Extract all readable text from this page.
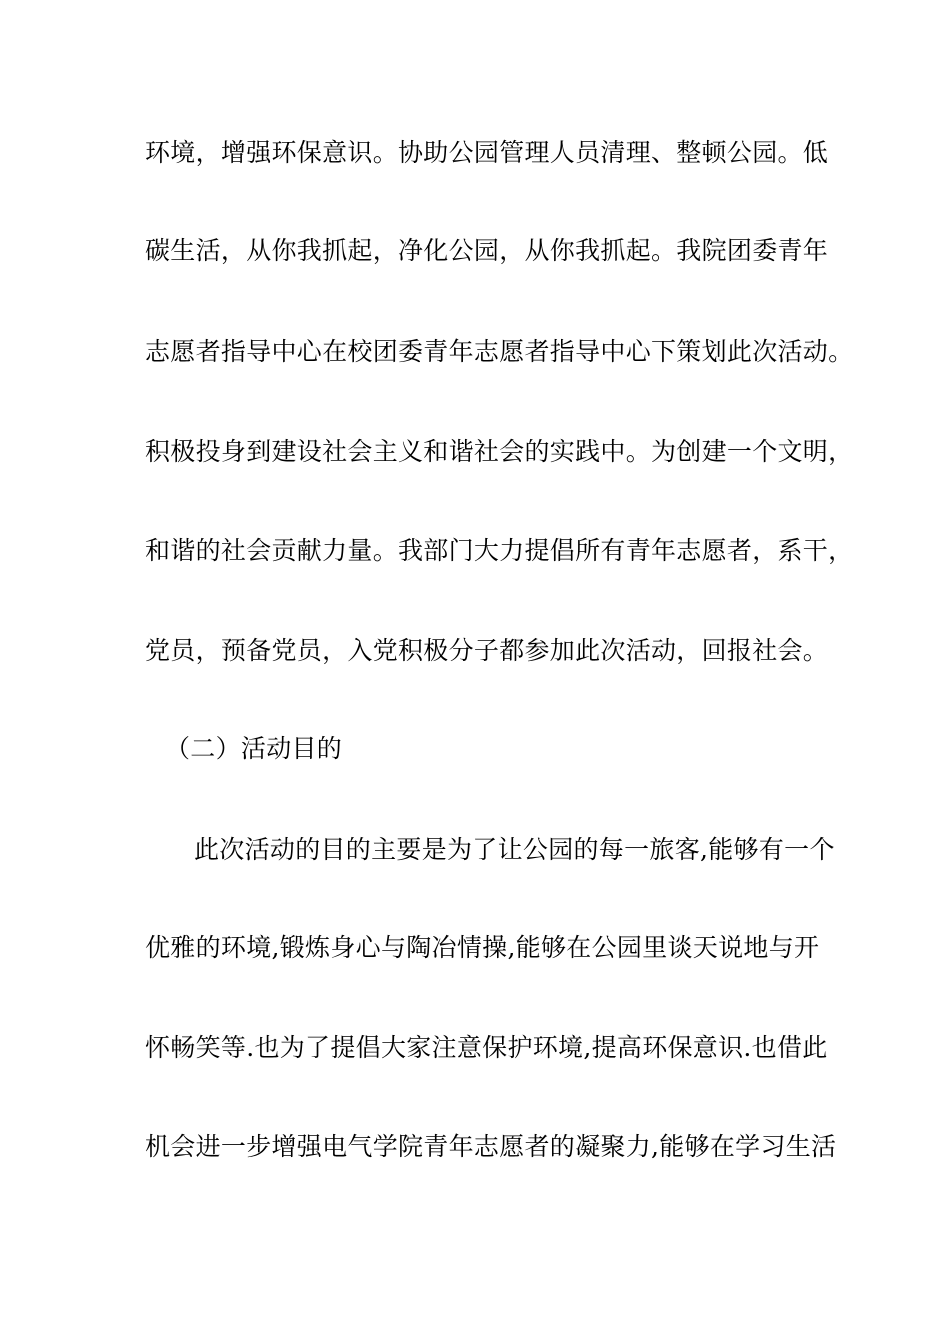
环境，增强环保意识。协助公园管理人员清理、整顿公园。低
碳生活，从你我抓起，净化公园，从你我抓起。我院团委青年
志愿者指导中心在校团委青年志愿者指导中心下策划此次活动。
积极投身到建设社会主义和谐社会的实践中。为创建一个文明，
和谐的社会贡献力量。我部门大力提倡所有青年志愿者，系干，
党员，预备党员，入党积极分子都参加此次活动，回报社会。
（二）活动目的
此次活动的目的主要是为了让公园的每一旅客,能够有一个
优雅的环境,锻炼身心与陶冶情操,能够在公园里谈天说地与开
怀畅笑等.也为了提倡大家注意保护环境,提高环保意识.也借此
机会进一步增强电气学院青年志愿者的凝聚力,能够在学习生活
